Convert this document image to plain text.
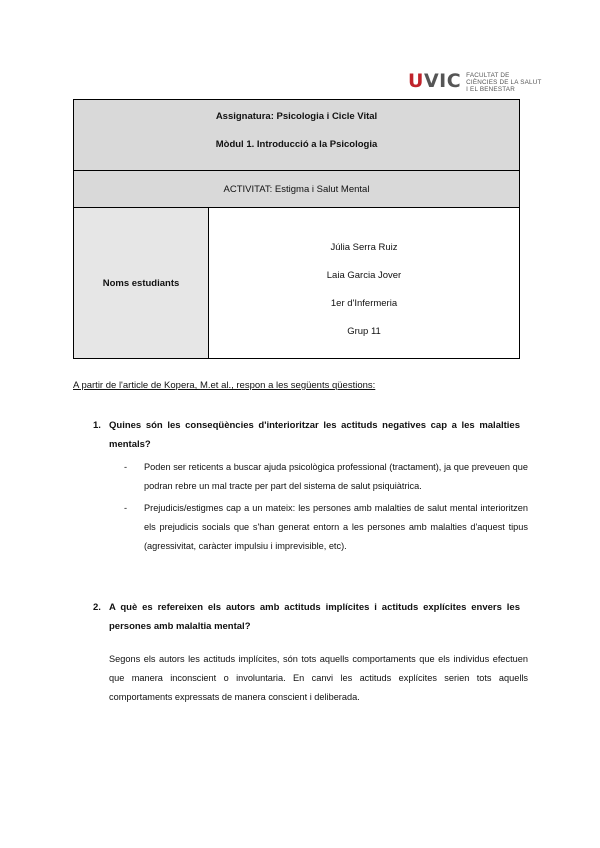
UVIC FACULTAT DE
CIÈNCIES DE LA SALUT
I EL BENESTAR
Assignatura: Psicologia i Cicle Vital
Mòdul 1. Introducció a la Psicologia
ACTIVITAT: Estigma i Salut Mental
Noms estudiants
Júlia Serra Ruiz
Laia Garcia Jover
1er d'Infermeria
Grup 11
A partir de l'article de Kopera, M.et al., respon a les següents qüestions:
1. Quines són les conseqüències d'interioritzar les actituds negatives cap a les malalties mentals?
- Poden ser reticents a buscar ajuda psicològica professional (tractament), ja que preveuen que podran rebre un mal tracte per part del sistema de salut psiquiàtrica.
- Prejudicis/estigmes cap a un mateix: les persones amb malalties de salut mental interioritzen els prejudicis socials que s'han generat entorn a les persones amb malalties d'aquest tipus (agressivitat, caràcter impulsiu i imprevisible, etc).
2. A què es refereixen els autors amb actituds implícites i actituds explícites envers les persones amb malaltia mental?
Segons els autors les actituds implícites, són tots aquells comportaments que els individus efectuen que manera inconscient o involuntaria. En canvi les actituds explícites serien tots aquells comportaments expressats de manera conscient i deliberada.
